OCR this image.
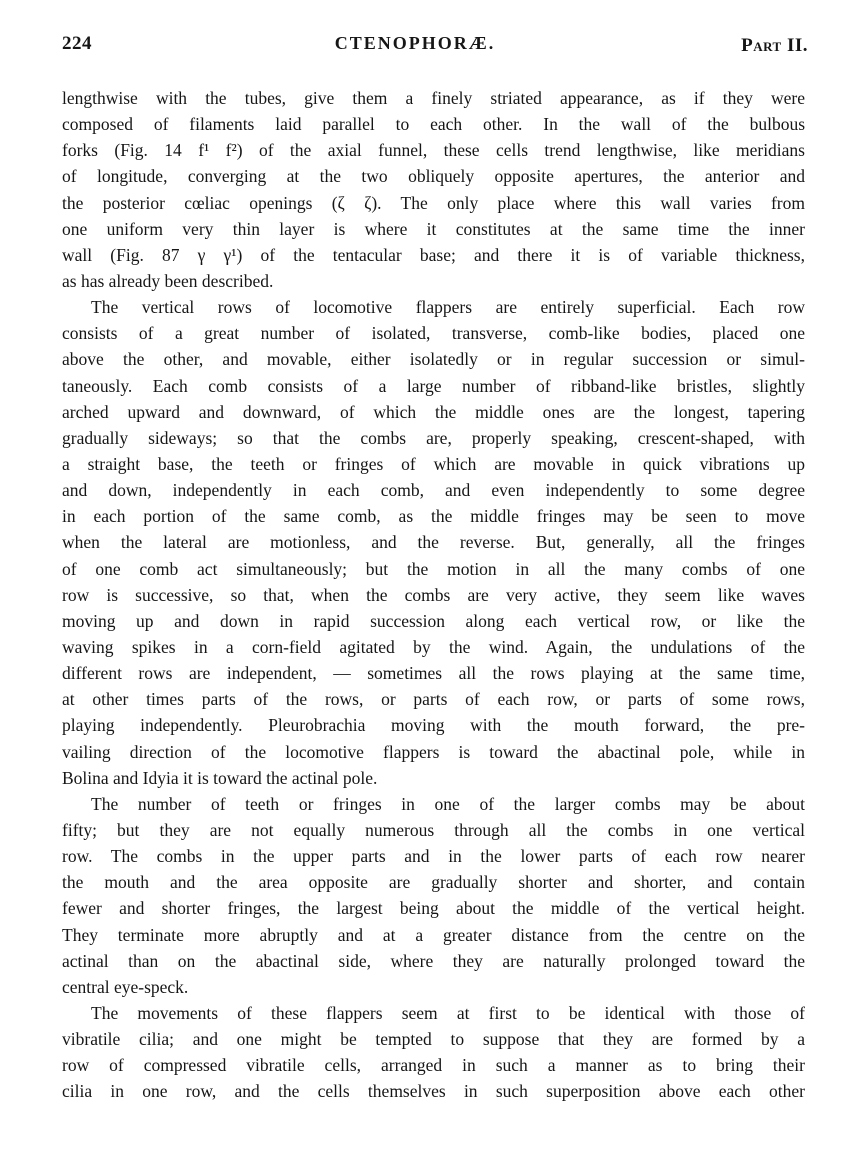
224	CTENOPHORÆ.	Part II.
lengthwise with the tubes, give them a finely striated appearance, as if they were
composed of filaments laid parallel to each other. In the wall of the bulbous
forks (Fig. 14 f¹ f²) of the axial funnel, these cells trend lengthwise, like meridians
of longitude, converging at the two obliquely opposite apertures, the anterior and
the posterior cœliac openings (ζ ζ). The only place where this wall varies from
one uniform very thin layer is where it constitutes at the same time the inner
wall (Fig. 87 γ γ¹) of the tentacular base; and there it is of variable thickness,
as has already been described.
The vertical rows of locomotive flappers are entirely superficial. Each row
consists of a great number of isolated, transverse, comb-like bodies, placed one
above the other, and movable, either isolatedly or in regular succession or simul-
taneously. Each comb consists of a large number of ribband-like bristles, slightly
arched upward and downward, of which the middle ones are the longest, tapering
gradually sideways; so that the combs are, properly speaking, crescent-shaped, with
a straight base, the teeth or fringes of which are movable in quick vibrations up
and down, independently in each comb, and even independently to some degree
in each portion of the same comb, as the middle fringes may be seen to move
when the lateral are motionless, and the reverse. But, generally, all the fringes
of one comb act simultaneously; but the motion in all the many combs of one
row is successive, so that, when the combs are very active, they seem like waves
moving up and down in rapid succession along each vertical row, or like the
waving spikes in a corn-field agitated by the wind. Again, the undulations of the
different rows are independent, — sometimes all the rows playing at the same time,
at other times parts of the rows, or parts of each row, or parts of some rows,
playing independently. Pleurobrachia moving with the mouth forward, the pre-
vailing direction of the locomotive flappers is toward the abactinal pole, while in
Bolina and Idyia it is toward the actinal pole.
The number of teeth or fringes in one of the larger combs may be about
fifty; but they are not equally numerous through all the combs in one vertical
row. The combs in the upper parts and in the lower parts of each row nearer
the mouth and the area opposite are gradually shorter and shorter, and contain
fewer and shorter fringes, the largest being about the middle of the vertical height.
They terminate more abruptly and at a greater distance from the centre on the
actinal than on the abactinal side, where they are naturally prolonged toward the
central eye-speck.
The movements of these flappers seem at first to be identical with those of
vibratile cilia; and one might be tempted to suppose that they are formed by a
row of compressed vibratile cells, arranged in such a manner as to bring their
cilia in one row, and the cells themselves in such superposition above each other
